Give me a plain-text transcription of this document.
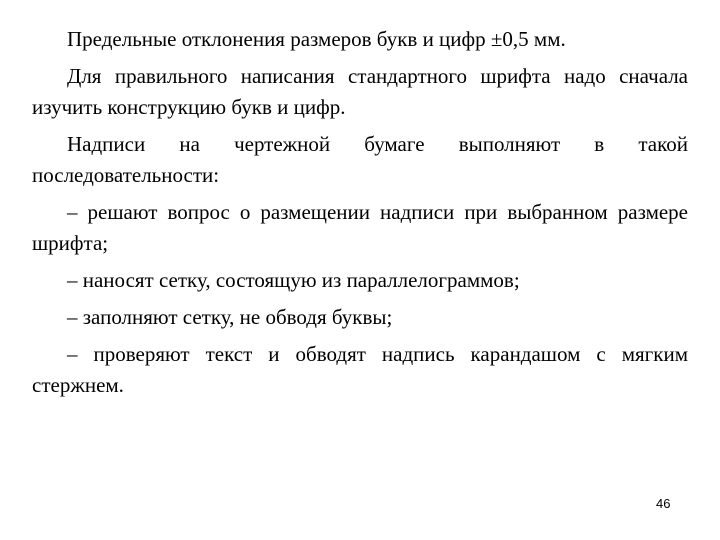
Предельные отклонения размеров букв и цифр ±0,5 мм.

Для правильного написания стандартного шрифта надо сначала изучить конструкцию букв и цифр.

Надписи на чертежной бумаге выполняют в такой последовательности:

– решают вопрос о размещении надписи при выбранном размере шрифта;

– наносят сетку, состоящую из параллелограммов;

– заполняют сетку, не обводя буквы;

– проверяют текст и обводят надпись карандашом с мягким стержнем.

46
